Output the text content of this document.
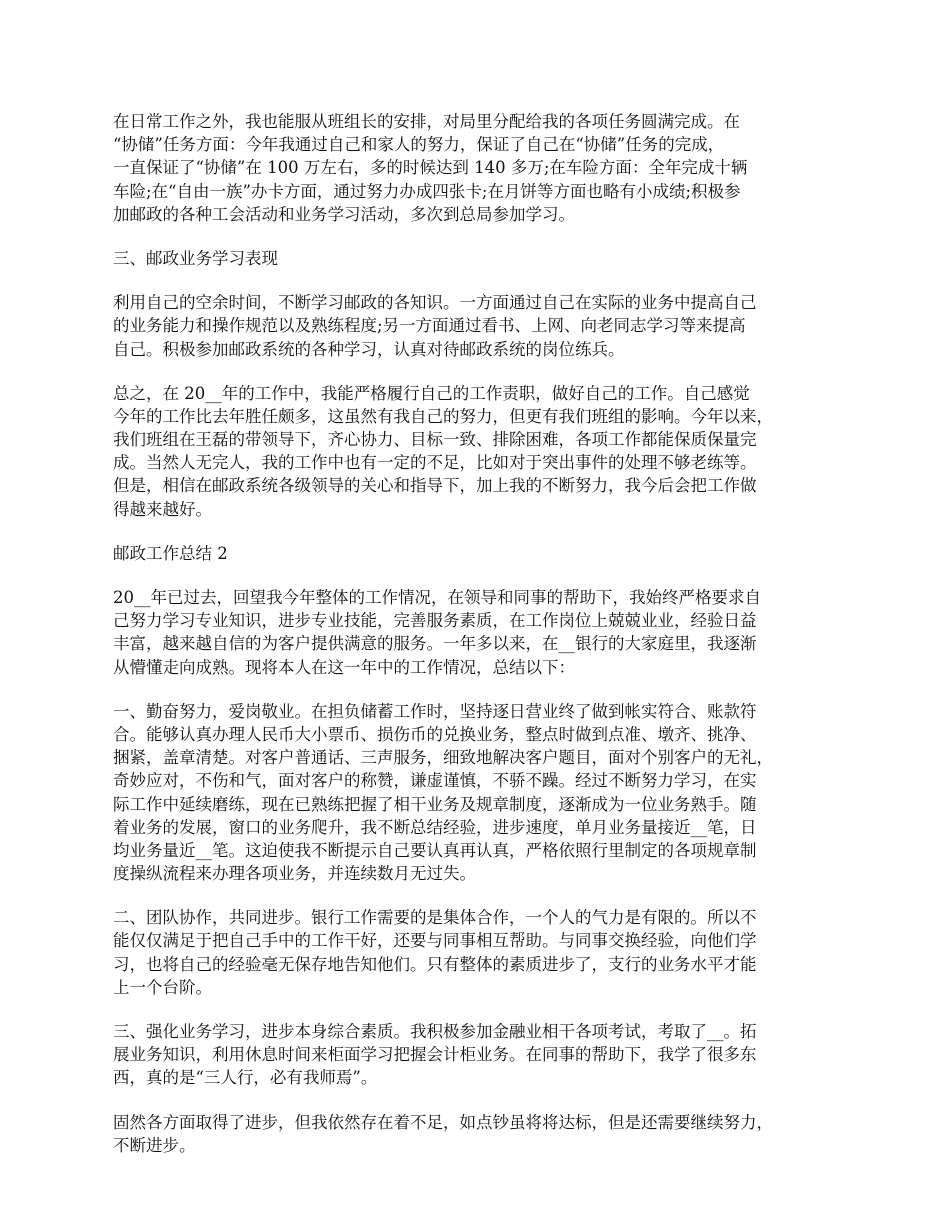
在日常工作之外，我也能服从班组长的安排，对局里分配给我的各项任务圆满完成。在
“协储”任务方面：今年我通过自己和家人的努力，保证了自己在“协储”任务的完成，
一直保证了“协储”在 100 万左右，多的时候达到 140 多万;在车险方面：全年完成十辆
车险;在“自由一族”办卡方面，通过努力办成四张卡;在月饼等方面也略有小成绩;积极参
加邮政的各种工会活动和业务学习活动，多次到总局参加学习。
三、邮政业务学习表现
利用自己的空余时间，不断学习邮政的各知识。一方面通过自己在实际的业务中提高自己
的业务能力和操作规范以及熟练程度;另一方面通过看书、上网、向老同志学习等来提高
自己。积极参加邮政系统的各种学习，认真对待邮政系统的岗位练兵。
总之，在 20__年的工作中，我能严格履行自己的工作责职，做好自己的工作。自己感觉
今年的工作比去年胜任颇多，这虽然有我自己的努力，但更有我们班组的影响。今年以来，
我们班组在王磊的带领导下，齐心协力、目标一致、排除困难，各项工作都能保质保量完
成。当然人无完人，我的工作中也有一定的不足，比如对于突出事件的处理不够老练等。
但是，相信在邮政系统各级领导的关心和指导下，加上我的不断努力，我今后会把工作做
得越来越好。
邮政工作总结 2
20__年已过去，回望我今年整体的工作情况，在领导和同事的帮助下，我始终严格要求自
己努力学习专业知识，进步专业技能，完善服务素质，在工作岗位上兢兢业业，经验日益
丰富，越来越自信的为客户提供满意的服务。一年多以来，在__银行的大家庭里，我逐渐
从懵懂走向成熟。现将本人在这一年中的工作情况，总结以下：
一、勤奋努力，爱岗敬业。在担负储蓄工作时，坚持逐日营业终了做到帐实符合、账款符
合。能够认真办理人民币大小票币、损伤币的兑换业务，整点时做到点准、墩齐、挑净、
捆紧，盖章清楚。对客户普通话、三声服务，细致地解决客户题目，面对个别客户的无礼，
奇妙应对，不伤和气，面对客户的称赞，谦虚谨慎，不骄不躁。经过不断努力学习，在实
际工作中延续磨练，现在已熟练把握了相干业务及规章制度，逐渐成为一位业务熟手。随
着业务的发展，窗口的业务爬升，我不断总结经验，进步速度，单月业务量接近__笔，日
均业务量近__笔。这迫使我不断提示自己要认真再认真，严格依照行里制定的各项规章制
度操纵流程来办理各项业务，并连续数月无过失。
二、团队协作，共同进步。银行工作需要的是集体合作，一个人的气力是有限的。所以不
能仅仅满足于把自己手中的工作干好，还要与同事相互帮助。与同事交换经验，向他们学
习，也将自己的经验毫无保存地告知他们。只有整体的素质进步了，支行的业务水平才能
上一个台阶。
三、强化业务学习，进步本身综合素质。我积极参加金融业相干各项考试，考取了__。拓
展业务知识，利用休息时间来柜面学习把握会计柜业务。在同事的帮助下，我学了很多东
西，真的是“三人行，必有我师焉”。
固然各方面取得了进步，但我依然存在着不足，如点钞虽将将达标，但是还需要继续努力，
不断进步。
